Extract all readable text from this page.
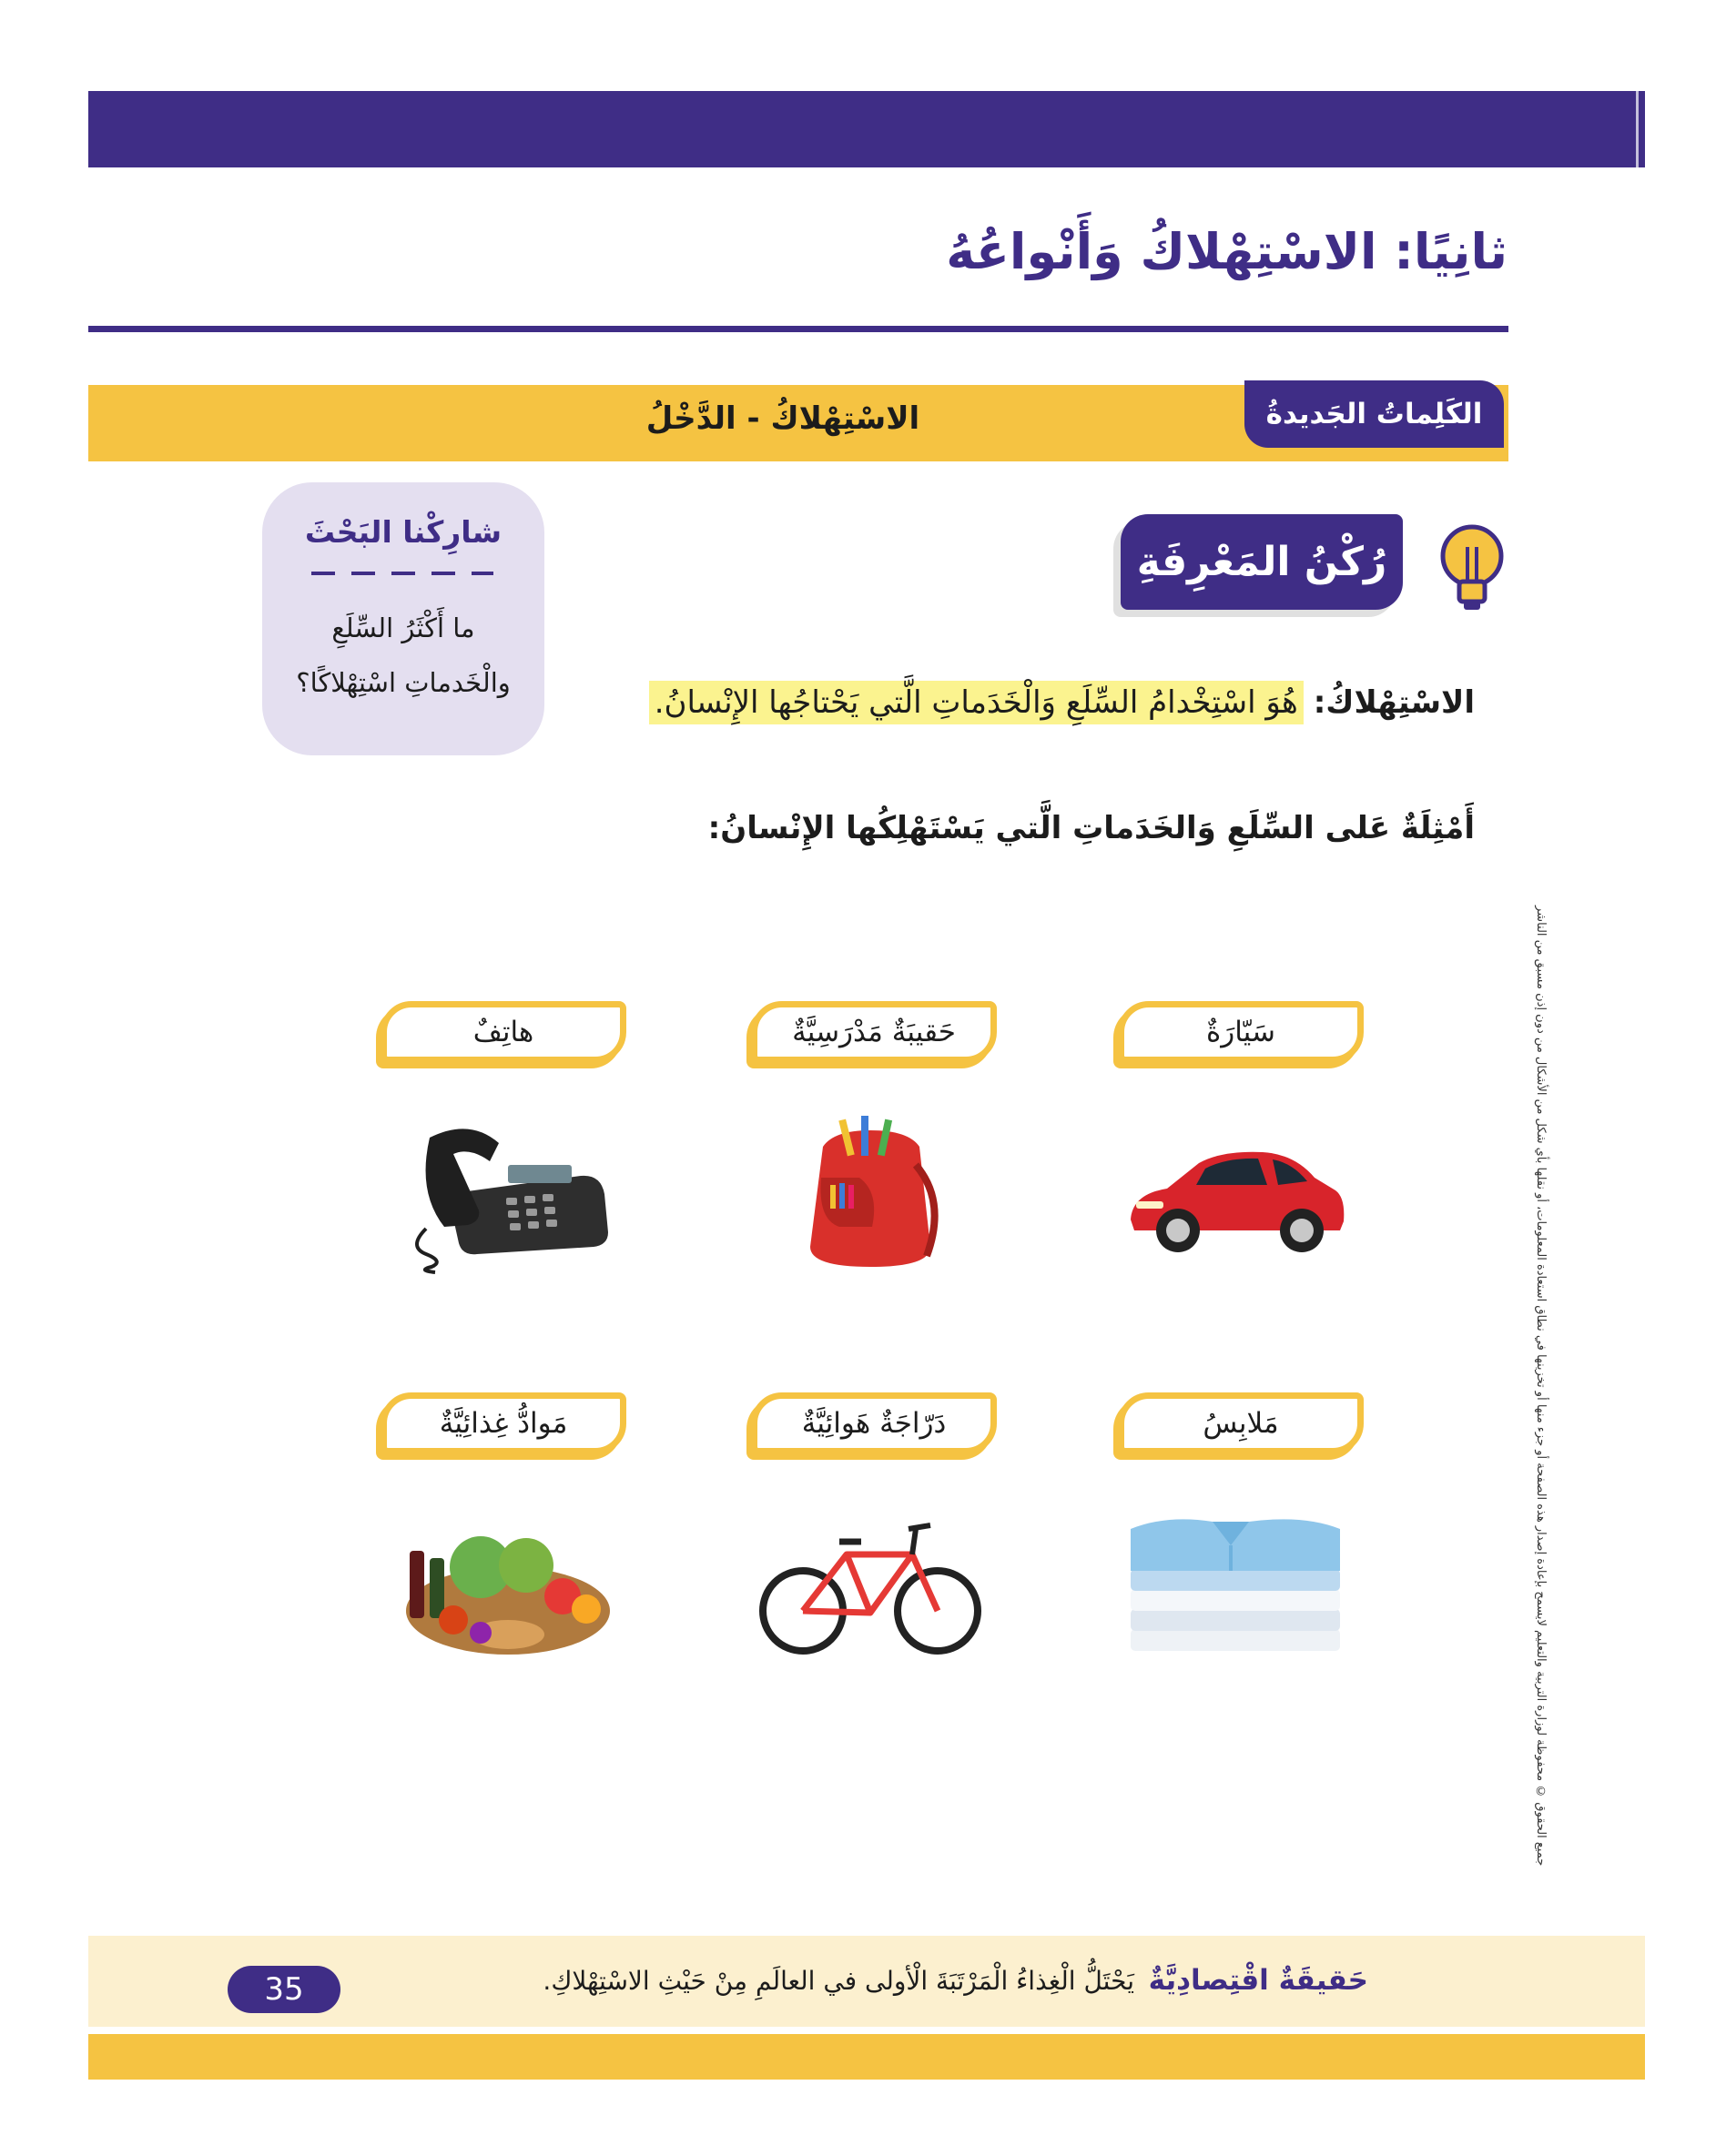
ثانِيًا: الاسْتِهْلاكُ وَأَنْواعُهُ
الكَلِماتُ الجَديدةُ
الاسْتِهْلاكُ - الدَّخْلُ
رُكْنُ المَعْرِفَةِ
شارِكْنا البَحْثَ
ما أَكْثَرُ السِّلَعِ
والْخَدماتِ اسْتِهْلاكًا؟
الاسْتِهْلاكُ: هُوَ اسْتِخْدامُ السِّلَعِ وَالْخَدَماتِ الَّتي يَحْتاجُها الإِنْسانُ.
أَمْثِلَةٌ عَلى السِّلَعِ وَالخَدَماتِ الَّتي يَسْتَهْلِكُها الإِنْسانُ:
جميع الحقوق © محفوظة لوزارة التربية والتعليم لايسمح بإعادة إصدار هذه الصفحة أو جزء منها أو تخزينها في نطاق استعادة المعلومات، أو نقلها بأي شكل من الأشكال من دون إذن مسبق من الناشر
سَيّارَةٌ
حَقيبَةٌ مَدْرَسِيَّةٌ
هاتِفٌ
مَلابِسُ
دَرّاجَةٌ هَوائِيَّةٌ
مَوادُّ غِذائِيَّةٌ
حَقيقَةٌ اقْتِصادِيَّةٌ
يَحْتَلُّ الْغِذاءُ الْمَرْتَبَةَ الْأولى في العالَمِ مِنْ حَيْثِ الاسْتِهْلاكِ.
35
